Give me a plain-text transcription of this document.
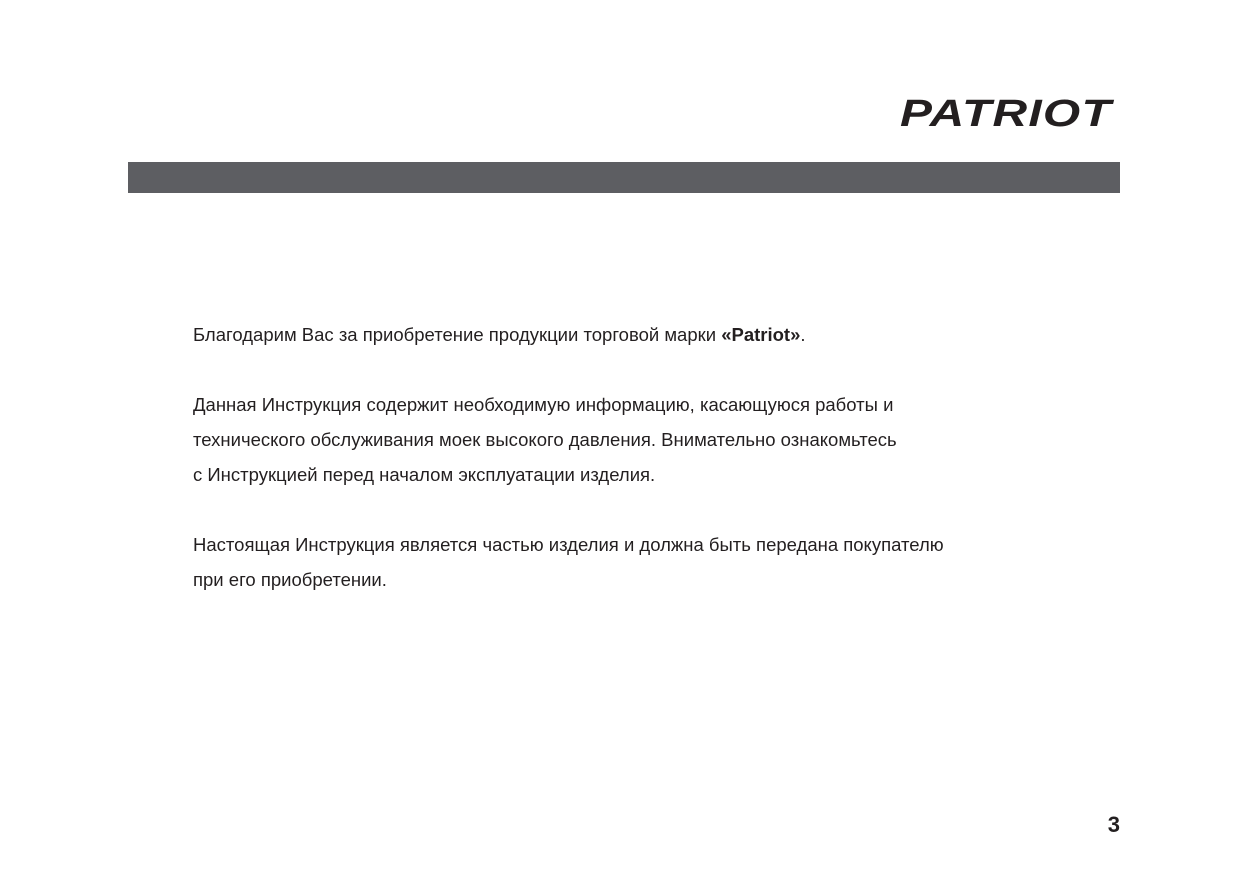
PATRIOT

Благодарим Вас за приобретение продукции торговой марки «Patriot».

Данная Инструкция содержит необходимую информацию, касающуюся работы и
технического обслуживания моек высокого давления. Внимательно ознакомьтесь
с Инструкцией перед началом эксплуатации изделия.

Настоящая Инструкция является частью изделия и должна быть передана покупателю
при его приобретении.

3
